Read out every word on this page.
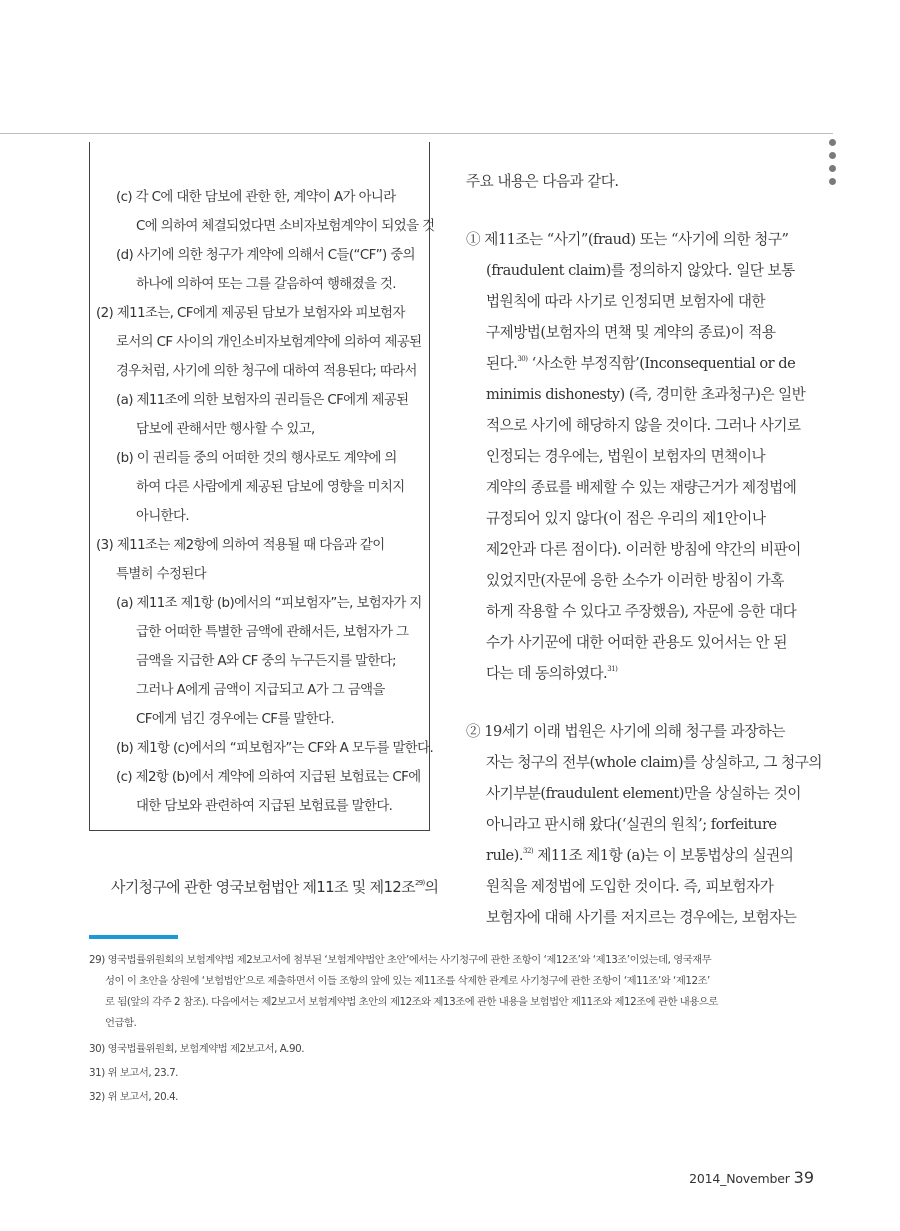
(c) 각 C에 대한 담보에 관한 한, 계약이 A가 아니라
C에 의하여 체결되었다면 소비자보험계약이 되었을 것
(d) 사기에 의한 청구가 계약에 의해서 C들(“CF”) 중의
하나에 의하여 또는 그를 갈음하여 행해졌을 것.
(2) 제11조는, CF에게 제공된 담보가 보험자와 피보험자
로서의 CF 사이의 개인소비자보험계약에 의하여 제공된
경우처럼, 사기에 의한 청구에 대하여 적용된다; 따라서
(a) 제11조에 의한 보험자의 권리들은 CF에게 제공된
담보에 관해서만 행사할 수 있고,
(b) 이 권리들 중의 어떠한 것의 행사로도 계약에 의
하여 다른 사람에게 제공된 담보에 영향을 미치지
아니한다.
(3) 제11조는 제2항에 의하여 적용될 때 다음과 같이
특별히 수정된다
(a) 제11조 제1항 (b)에서의 “피보험자”는, 보험자가 지
급한 어떠한 특별한 금액에 관해서든, 보험자가 그
금액을 지급한 A와 CF 중의 누구든지를 말한다;
그러나 A에게 금액이 지급되고 A가 그 금액을
CF에게 넘긴 경우에는 CF를 말한다.
(b) 제1항 (c)에서의 “피보험자”는 CF와 A 모두를 말한다.
(c) 제2항 (b)에서 계약에 의하여 지급된 보험료는 CF에
대한 담보와 관련하여 지급된 보험료를 말한다.
사기청구에 관한 영국보험법안 제11조 및 제12조$^{29)}$의
주요 내용은 다음과 같다.
① 제11조는 “사기”(fraud) 또는 “사기에 의한 청구”
(fraudulent claim)를 정의하지 않았다. 일단 보통
법원칙에 따라 사기로 인정되면 보험자에 대한
구제방법(보험자의 면책 및 계약의 종료)이 적용
된다.$^{30)}$ ‘사소한 부정직함’(Inconsequential or de
minimis dishonesty) (즉, 경미한 초과청구)은 일반
적으로 사기에 해당하지 않을 것이다. 그러나 사기로
인정되는 경우에는, 법원이 보험자의 면책이나
계약의 종료를 배제할 수 있는 재량근거가 제정법에
규정되어 있지 않다(이 점은 우리의 제1안이나
제2안과 다른 점이다). 이러한 방침에 약간의 비판이
있었지만(자문에 응한 소수가 이러한 방침이 가혹
하게 작용할 수 있다고 주장했음), 자문에 응한 대다
수가 사기꾼에 대한 어떠한 관용도 있어서는 안 된
다는 데 동의하였다.$^{31)}$
② 19세기 이래 법원은 사기에 의해 청구를 과장하는
자는 청구의 전부(whole claim)를 상실하고, 그 청구의
사기부분(fraudulent element)만을 상실하는 것이
아니라고 판시해 왔다(‘실권의 원칙’; forfeiture
rule).$^{32)}$ 제11조 제1항 (a)는 이 보통법상의 실권의
원칙을 제정법에 도입한 것이다. 즉, 피보험자가
보험자에 대해 사기를 저지르는 경우에는, 보험자는
29) 영국법률위원회의 보험계약법 제2보고서에 첨부된 ‘보험계약법안 초안’에서는 사기청구에 관한 조항이 ‘제12조’와 ‘제13조’이었는데, 영국재무
성이 이 초안을 상원에 ‘보험법안’으로 제출하면서 이들 조항의 앞에 있는 제11조를 삭제한 관계로 사기청구에 관한 조항이 ‘제11조’와 ‘제12조’
로 됨(앞의 각주 2 참조). 다음에서는 제2보고서 보험계약법 초안의 제12조와 제13조에 관한 내용을 보험법안 제11조와 제12조에 관한 내용으로
언급함.
30) 영국법률위원회, 보험계약법 제2보고서, A.90.
31) 위 보고서, 23.7.
32) 위 보고서, 20.4.
2014_November 39
